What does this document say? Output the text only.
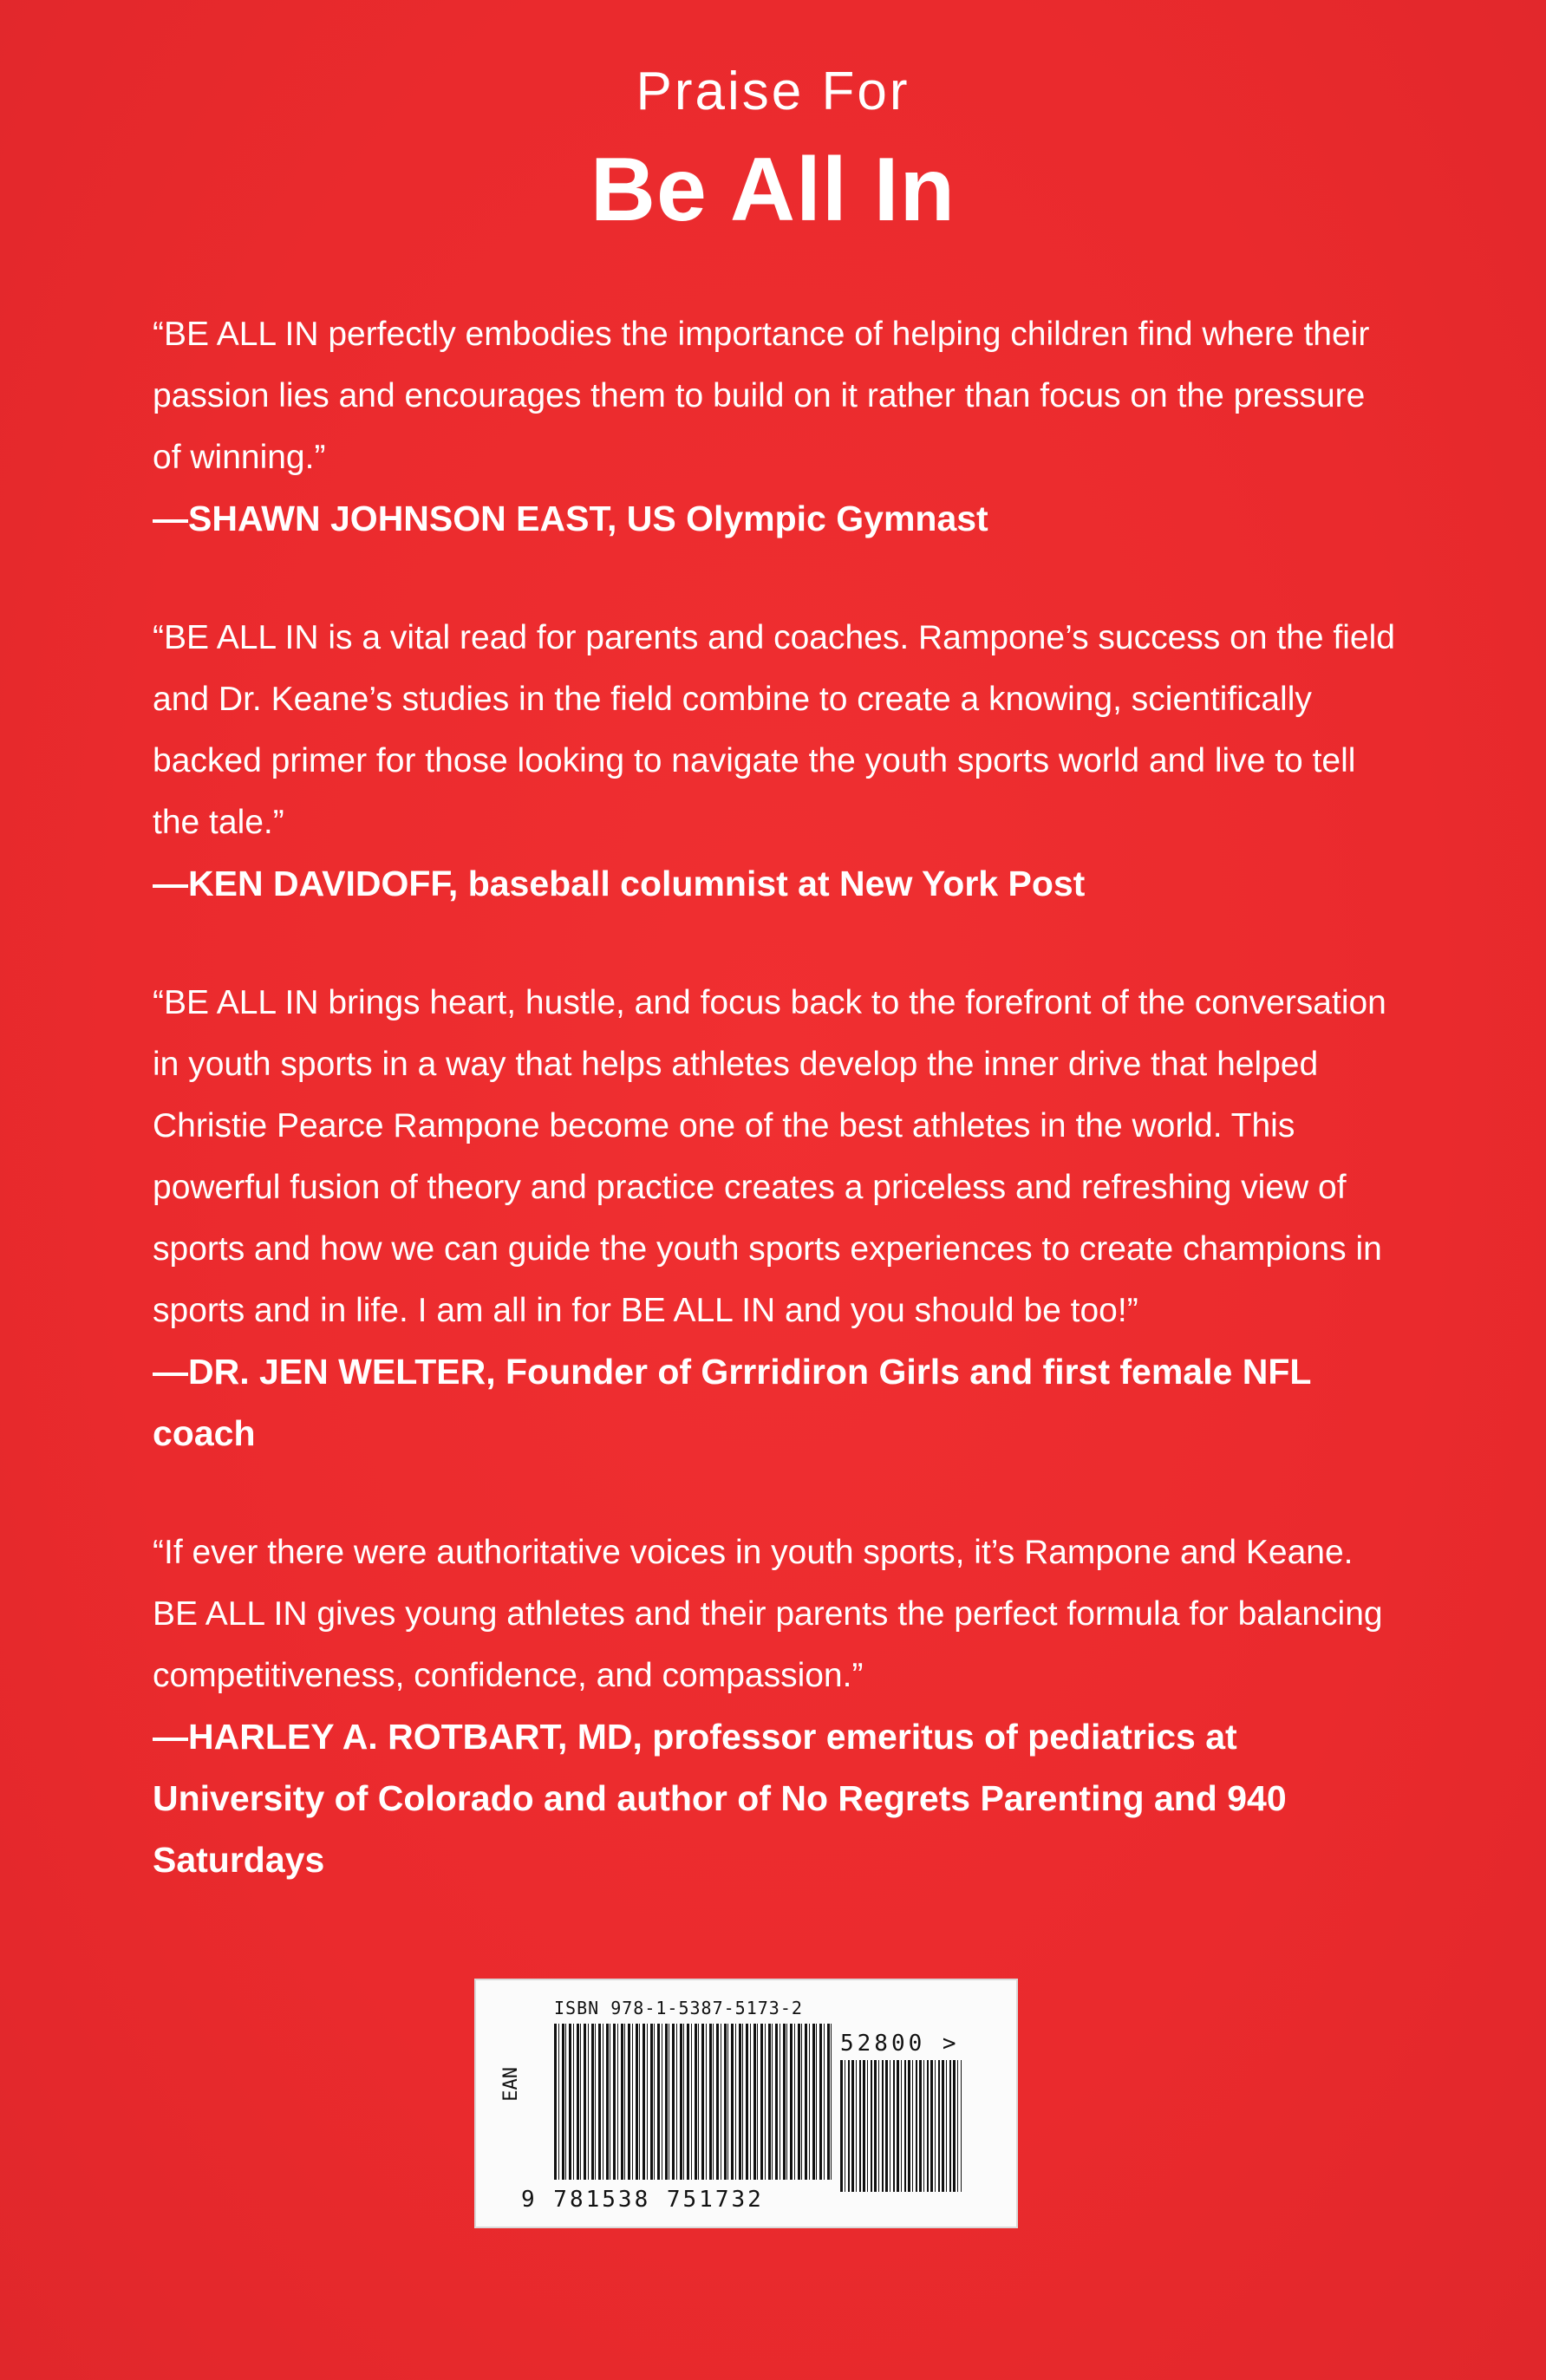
Praise For
Be All In

“BE ALL IN perfectly embodies the importance of helping children find where their passion lies and encourages them to build on it rather than focus on the pressure of winning.”

—SHAWN JOHNSON EAST, US Olympic Gymnast

“BE ALL IN is a vital read for parents and coaches. Rampone’s success on the field and Dr. Keane’s studies in the field combine to create a knowing, scientifically backed primer for those looking to navigate the youth sports world and live to tell the tale.”

—KEN DAVIDOFF, baseball columnist at New York Post

“BE ALL IN brings heart, hustle, and focus back to the forefront of the conversation in youth sports in a way that helps athletes develop the inner drive that helped Christie Pearce Rampone become one of the best athletes in the world. This powerful fusion of theory and practice creates a priceless and refreshing view of sports and how we can guide the youth sports experiences to create champions in sports and in life. I am all in for BE ALL IN and you should be too!”

—DR. JEN WELTER, Founder of Grrridiron Girls and first female NFL coach

“If ever there were authoritative voices in youth sports, it’s Rampone and Keane. BE ALL IN gives young athletes and their parents the perfect formula for balancing competitiveness, confidence, and compassion.”

—HARLEY A. ROTBART, MD, professor emeritus of pediatrics at University of Colorado and author of No Regrets Parenting and 940 Saturdays

ISBN 978-1-5387-5173-2
EAN
9 781538 751732
52800 >
